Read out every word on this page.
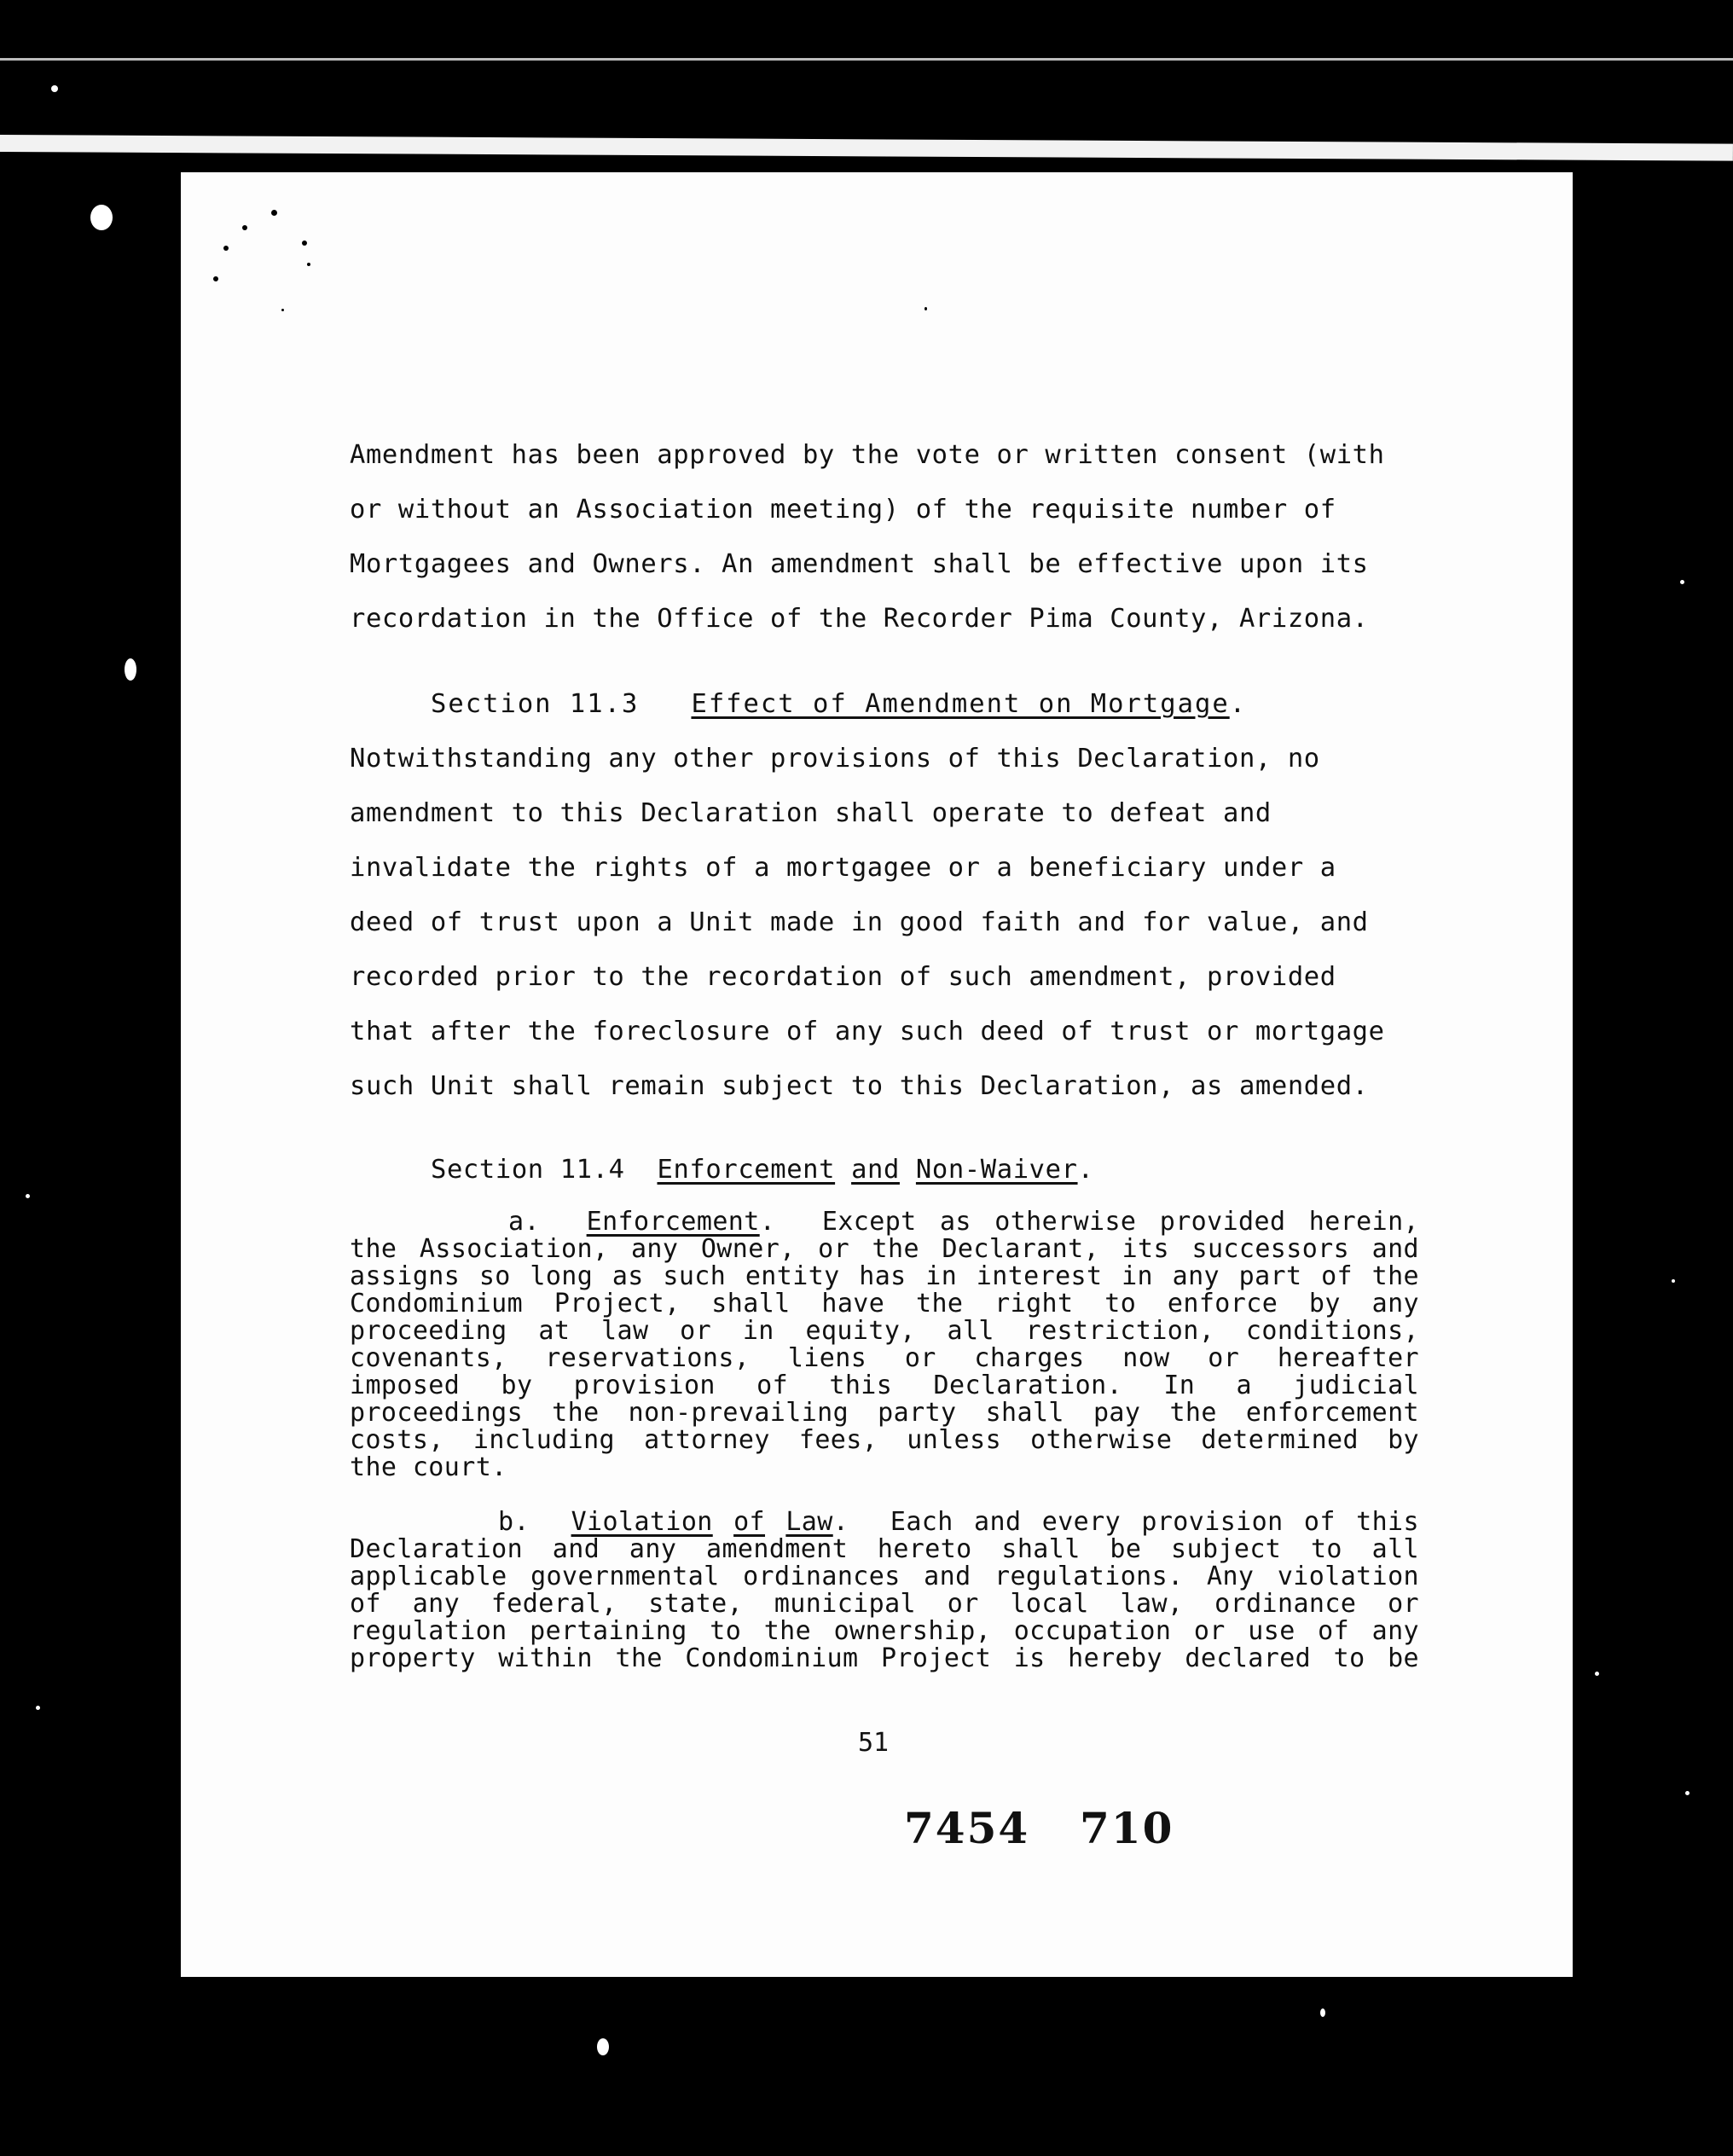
Amendment has been approved by the vote or written consent (with
or without an Association meeting) of the requisite number of
Mortgagees and Owners. An amendment shall be effective upon its
recordation in the Office of the Recorder Pima County, Arizona.
Section 11.3 Effect of Amendment on Mortgage.
Notwithstanding any other provisions of this Declaration, no
amendment to this Declaration shall operate to defeat and
invalidate the rights of a mortgagee or a beneficiary under a
deed of trust upon a Unit made in good faith and for value, and
recorded prior to the recordation of such amendment, provided
that after the foreclosure of any such deed of trust or mortgage
such Unit shall remain subject to this Declaration, as amended.
Section 11.4 Enforcement and Non-Waiver.
a. Enforcement.  Except as otherwise provided herein,
the Association, any Owner, or the Declarant, its successors and
assigns so long as such entity has in interest in any part of the
Condominium Project, shall have the right to enforce by any
proceeding at law or in equity, all restriction, conditions,
covenants, reservations, liens or charges now or hereafter
imposed by provision of this Declaration. In a judicial
proceedings the non-prevailing party shall pay the enforcement
costs, including attorney fees, unless otherwise determined by
the court.
b. Violation of Law.  Each and every provision of this
Declaration and any amendment hereto shall be subject to all
applicable governmental ordinances and regulations. Any violation
of any federal, state, municipal or local law, ordinance or
regulation pertaining to the ownership, occupation or use of any
property within the Condominium Project is hereby declared to be
51
7454 710
